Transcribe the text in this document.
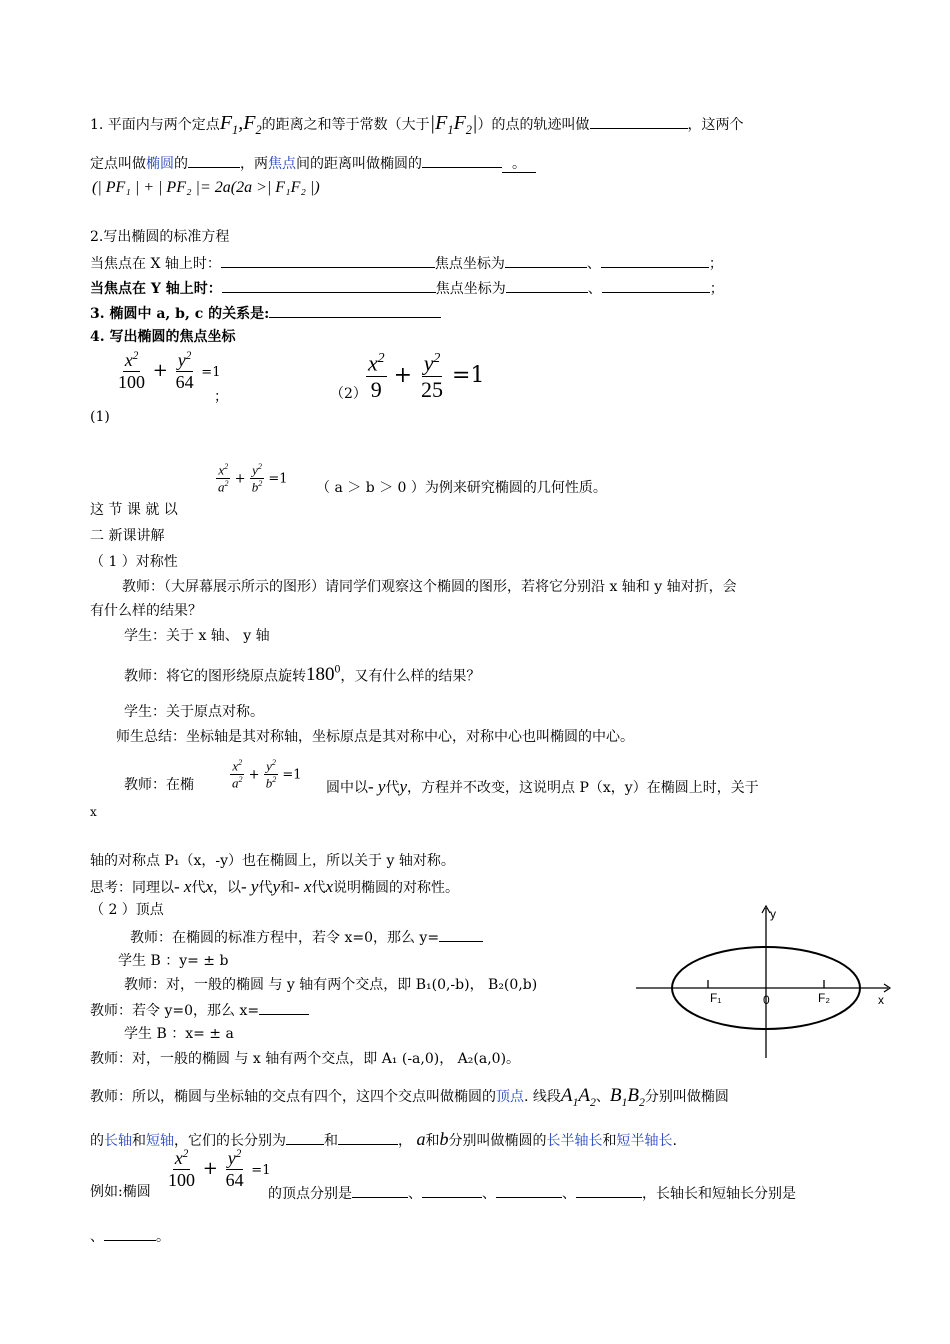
1. 平面内与两个定点$F_1,F_2$的距离之和等于常数（大于$|F_1F_2|$）的点的轨迹叫做	，这两个
定点叫做椭圆的	，两焦点间的距离叫做椭圆的	。
(| PF₁ | + | PF₂ |= 2a(2a >| F₁F₂ |)
2.写出椭圆的标准方程
当焦点在 X 轴上时：	焦点坐标为	、	；
当焦点在 Y 轴上时：	焦点坐标为	、	；
3. 椭圆中 a, b, c 的关系是:
4. 写出椭圆的焦点坐标
$\frac{x^2}{100} + \frac{y^2}{64} =1$
；	$(2) \frac{x^2}{9} + \frac{y^2}{25} =1$
(1)
$\frac{x^2}{a^2} + \frac{y^2}{b^2} =1$
（ a ＞ b ＞ 0 ）为例来研究椭圆的几何性质。
这 节 课 就 以
二 新课讲解
（ 1 ）对称性
教师：（大屏幕展示所示的图形）请同学们观察这个椭圆的图形，若将它分别沿 x 轴和 y 轴对折，会
有什么样的结果？
学生：关于 x 轴、 y 轴
教师：将它的图形绕原点旋转$180^0$，又有什么样的结果？
学生：关于原点对称。
师生总结：坐标轴是其对称轴，坐标原点是其对称中心，对称中心也叫椭圆的中心。
教师：在椭	$\frac{x^2}{a^2} + \frac{y^2}{b^2} =1$
圆中以- y代y，方程并不改变，这说明点 P（x，y）在椭圆上时，关于
x
轴的对称点 P₁（x，-y）也在椭圆上，所以关于 y 轴对称。
思考：同理以- x代x，以- y代y和- x代x说明椭圆的对称性。
（ 2 ）顶点
教师：在椭圆的标准方程中，若令 x=0，那么 y=
学生 B ：y= ± b
教师：对，一般的椭圆 与 y 轴有两个交点，即 B₁(0,-b)， B₂(0,b)
教师：若令 y=0，那么 x=
学生 B ：x= ± a
教师：对，一般的椭圆 与 x 轴有两个交点，即 A₁ (-a,0)， A₂(a,0)。
教师：所以，椭圆与坐标轴的交点有四个，这四个交点叫做椭圆的顶点. 线段$A_1A_2$、$B_1B_2$分别叫做椭圆
的长轴和短轴，它们的长分别为	和	， a和b分别叫做椭圆的长半轴长和短半轴长.
$\frac{x^2}{100} + \frac{y^2}{64} =1$
例如:椭圆	的顶点分别是	、	、	、	，长轴长和短轴长分别是
、	。
y
x
0
F₁	F₂
